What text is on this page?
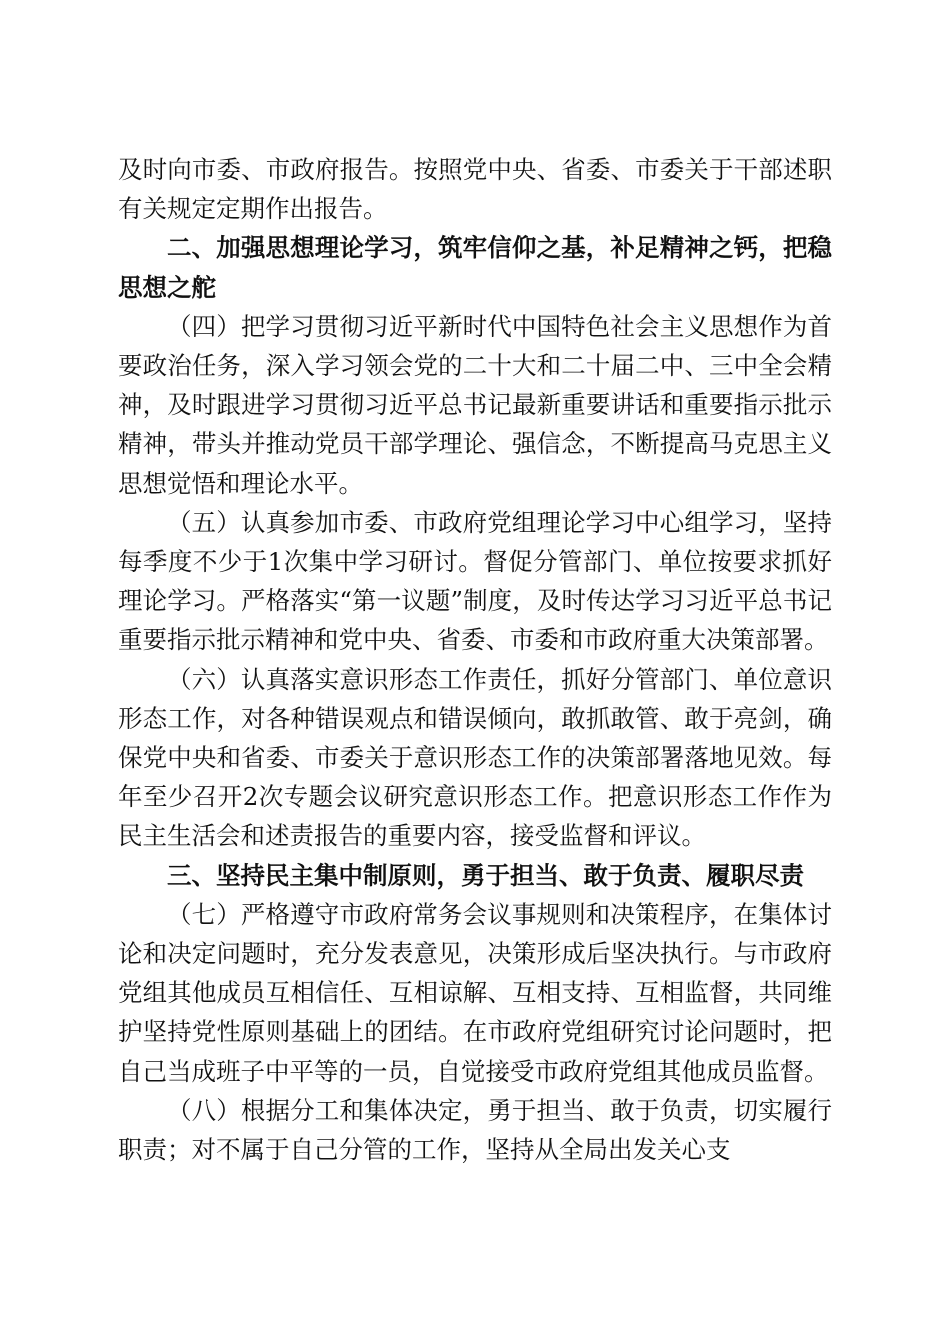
及时向市委、市政府报告。按照党中央、省委、市委关于干部述职有关规定定期作出报告。

二、加强思想理论学习，筑牢信仰之基，补足精神之钙，把稳思想之舵

（四）把学习贯彻习近平新时代中国特色社会主义思想作为首要政治任务，深入学习领会党的二十大和二十届二中、三中全会精神，及时跟进学习贯彻习近平总书记最新重要讲话和重要指示批示精神，带头并推动党员干部学理论、强信念，不断提高马克思主义思想觉悟和理论水平。

（五）认真参加市委、市政府党组理论学习中心组学习，坚持每季度不少于1次集中学习研讨。督促分管部门、单位按要求抓好理论学习。严格落实“第一议题”制度，及时传达学习习近平总书记重要指示批示精神和党中央、省委、市委和市政府重大决策部署。

（六）认真落实意识形态工作责任，抓好分管部门、单位意识形态工作，对各种错误观点和错误倾向，敢抓敢管、敢于亮剑，确保党中央和省委、市委关于意识形态工作的决策部署落地见效。每年至少召开2次专题会议研究意识形态工作。把意识形态工作作为民主生活会和述责报告的重要内容，接受监督和评议。

三、坚持民主集中制原则，勇于担当、敢于负责、履职尽责

（七）严格遵守市政府常务会议事规则和决策程序，在集体讨论和决定问题时，充分发表意见，决策形成后坚决执行。与市政府党组其他成员互相信任、互相谅解、互相支持、互相监督，共同维护坚持党性原则基础上的团结。在市政府党组研究讨论问题时，把自己当成班子中平等的一员，自觉接受市政府党组其他成员监督。

（八）根据分工和集体决定，勇于担当、敢于负责，切实履行职责；对不属于自己分管的工作，坚持从全局出发关心支
